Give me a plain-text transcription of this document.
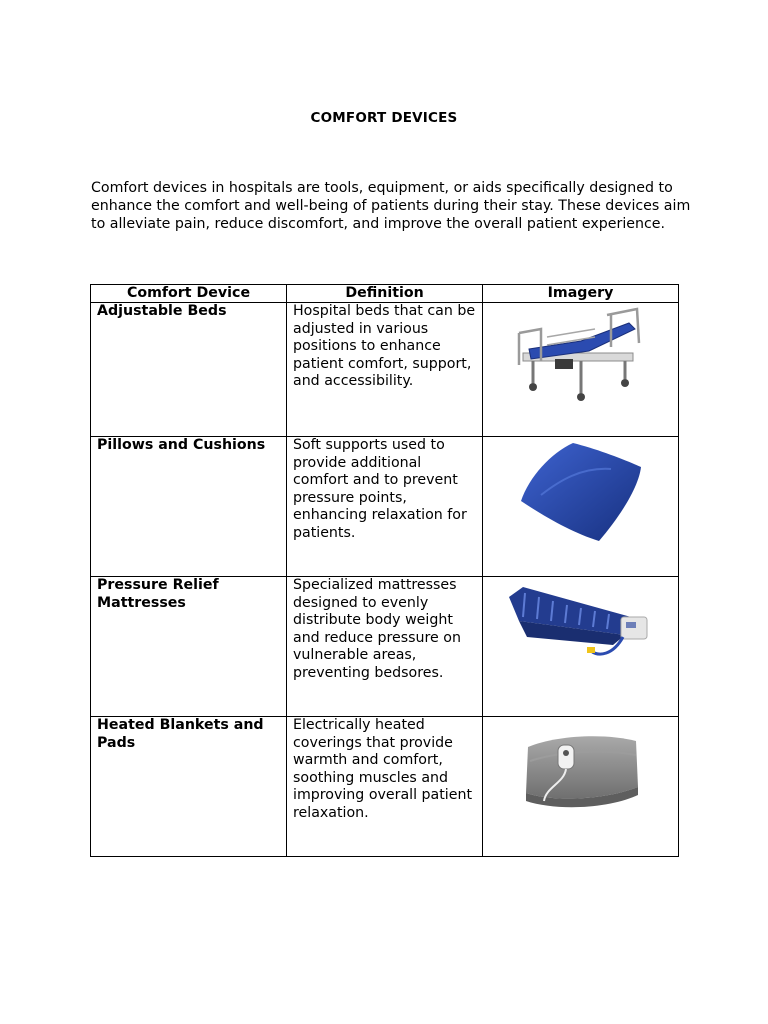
COMFORT DEVICES
Comfort devices in hospitals are tools, equipment, or aids specifically designed to enhance the comfort and well-being of patients during their stay. These devices aim to alleviate pain, reduce discomfort, and improve the overall patient experience.
Comfort Device	Definition	Imagery
Adjustable Beds	Hospital beds that can be adjusted in various positions to enhance patient comfort, support, and accessibility.	

Pillows and Cushions	Soft supports used to provide additional comfort and to prevent pressure points, enhancing relaxation for patients.	

Pressure Relief Mattresses	Specialized mattresses designed to evenly distribute body weight and reduce pressure on vulnerable areas, preventing bedsores.	

Heated Blankets and Pads	Electrically heated coverings that provide warmth and comfort, soothing muscles and improving overall patient relaxation.	
